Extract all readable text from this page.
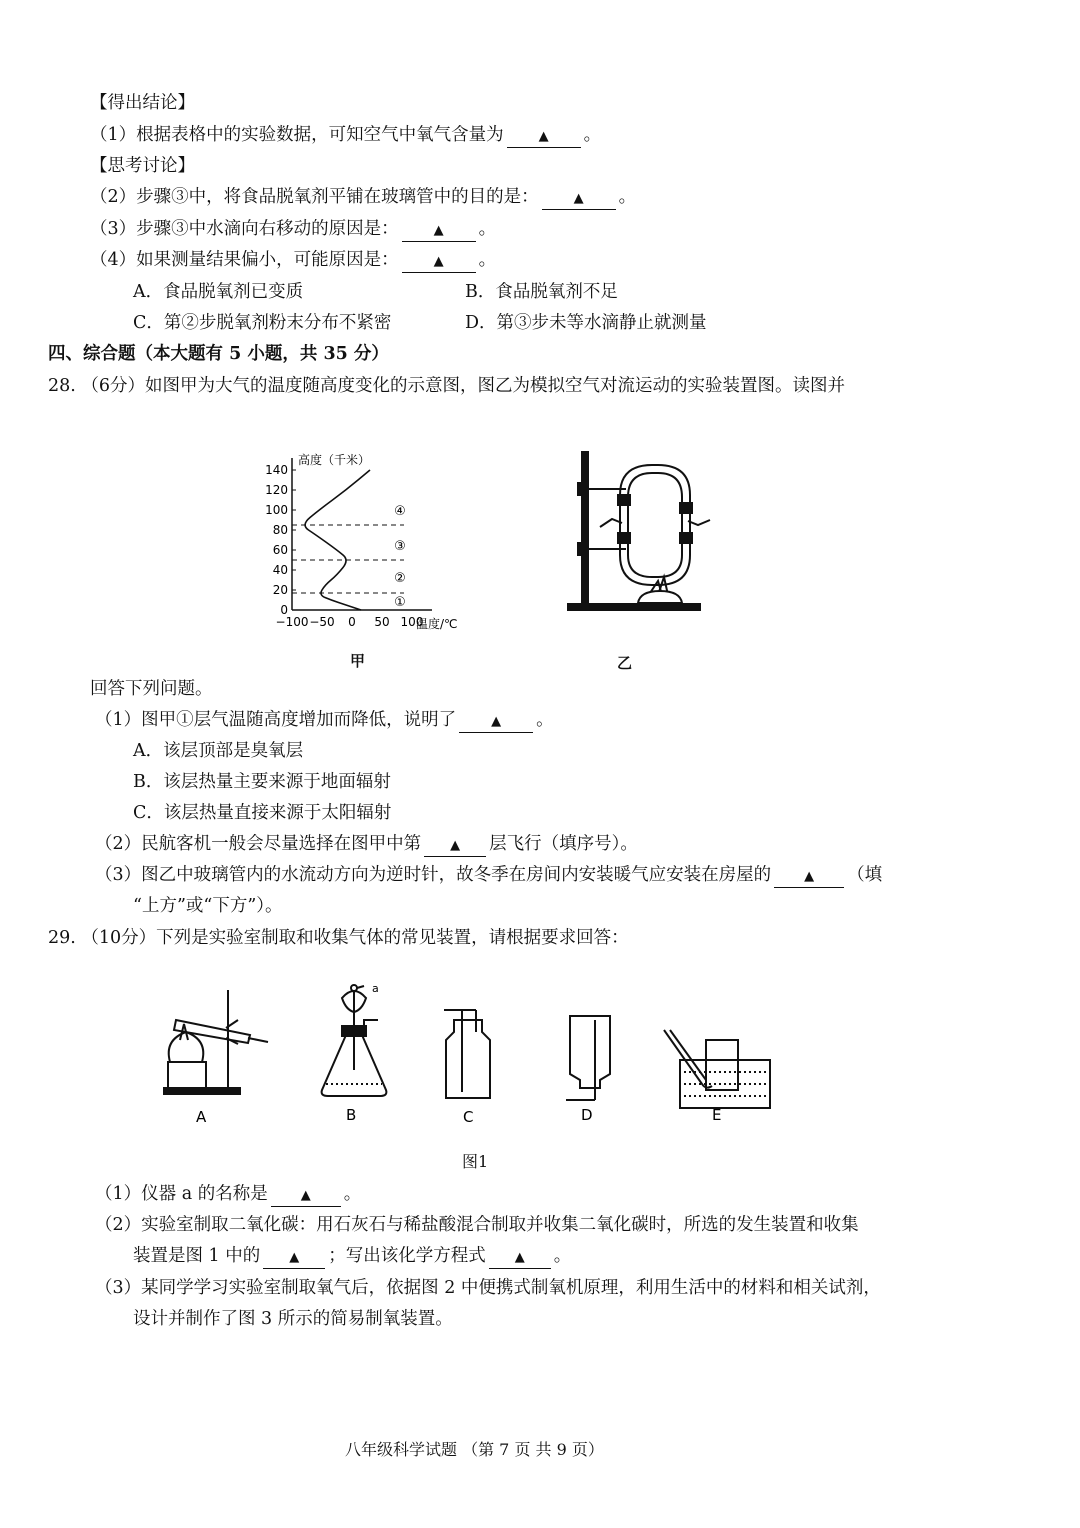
【得出结论】
（1）根据表格中的实验数据，可知空气中氧气含量为	▲ 。
【思考讨论】
（2）步骤③中，将食品脱氧剂平铺在玻璃管中的目的是：	▲ 。
（3）步骤③中水滴向右移动的原因是：	▲ 。
（4）如果测量结果偏小，可能原因是：	▲ 。
A．食品脱氧剂已变质	B．食品脱氧剂不足
C．第②步脱氧剂粉末分布不紧密	D．第③步未等水滴静止就测量
四、综合题（本大题有 5 小题，共 35 分）
28. （6分）如图甲为大气的温度随高度变化的示意图，图乙为模拟空气对流运动的实验装置图。读图并
高度（千米）
温度/℃
0
20
40
60
80
100
120
140
−100 −50 0 50 100
①
②
③
④
甲	乙
回答下列问题。
（1）图甲①层气温随高度增加而降低，说明了	▲ 。
A．该层顶部是臭氧层
B．该层热量主要来源于地面辐射
C．该层热量直接来源于太阳辐射
（2）民航客机一般会尽量选择在图甲中第 ▲ 层飞行（填序号）。
（3）图乙中玻璃管内的水流动方向为逆时针，故冬季在房间内安装暖气应安装在房屋的	▲ （填
“上方”或“下方”）。
29. （10分）下列是实验室制取和收集气体的常见装置，请根据要求回答：
A	B	C	D	E
a
图1
（1）仪器 a 的名称是	▲ 。
（2）实验室制取二氧化碳：用石灰石与稀盐酸混合制取并收集二氧化碳时，所选的发生装置和收集
装置是图 1 中的 ▲ ；写出该化学方程式 ▲ 。
（3）某同学学习实验室制取氧气后，依据图 2 中便携式制氧机原理，利用生活中的材料和相关试剂，
设计并制作了图 3 所示的简易制氧装置。
八年级科学试题 （第 7 页 共 9 页）
